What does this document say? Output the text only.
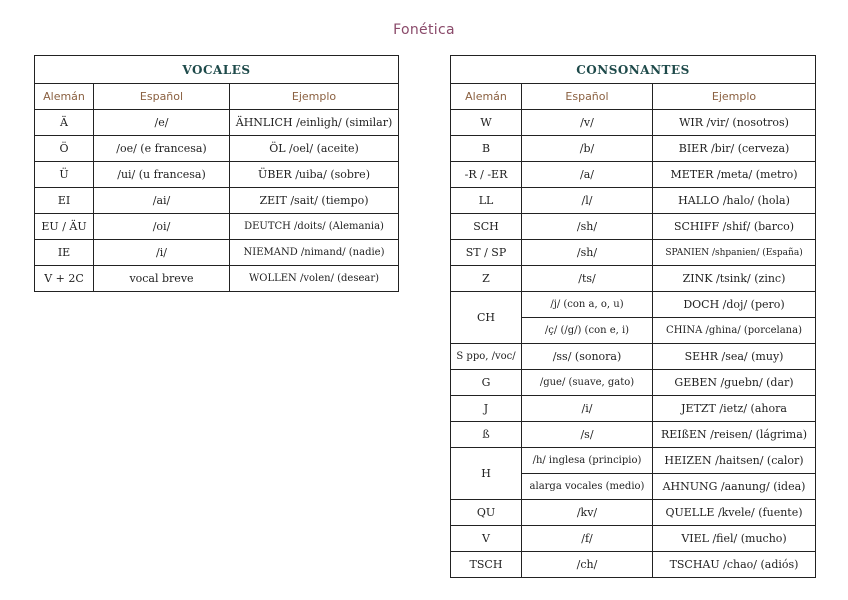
Fonética
VOCALES		
Alemán	Español	Ejemplo
Ä	/e/	ÄHNLICH /einligh/ (similar)
Ö	/oe/ (e francesa)	ÖL /oel/ (aceite)
Ü	/ui/ (u francesa)	ÜBER /uiba/ (sobre)
EI	/ai/	ZEIT /sait/ (tiempo)
EU / ÄU	/oi/	DEUTCH /doits/ (Alemania)
IE	/i/	NIEMAND /nimand/ (nadie)
V + 2C	vocal breve	WOLLEN /volen/ (desear)
CONSONANTES		
Alemán	Español	Ejemplo
W	/v/	WIR /vir/ (nosotros)
B	/b/	BIER /bir/ (cerveza)
-R / -ER	/a/	METER /meta/ (metro)
LL	/l/	HALLO /halo/ (hola)
SCH	/sh/	SCHIFF /shif/ (barco)
ST / SP	/sh/	SPANIEN /shpanien/ (España)
Z	/ts/	ZINK /tsink/ (zinc)
CH	/j/ (con a, o, u)	DOCH /doj/ (pero)
	/ç/ (/g/) (con e, i)	CHINA /ghina/ (porcelana)
S ppo, /voc/	/ss/ (sonora)	SEHR /sea/ (muy)
G	/gue/ (suave, gato)	GEBEN /guebn/ (dar)
J	/i/	JETZT /ietz/ (ahora
ß	/s/	REIßEN /reisen/ (lágrima)
H	/h/ inglesa (principio)	HEIZEN /haitsen/ (calor)
	alarga vocales (medio)	AHNUNG /aanung/ (idea)
QU	/kv/	QUELLE /kvele/ (fuente)
V	/f/	VIEL /fiel/ (mucho)
TSCH	/ch/	TSCHAU /chao/ (adiós)
